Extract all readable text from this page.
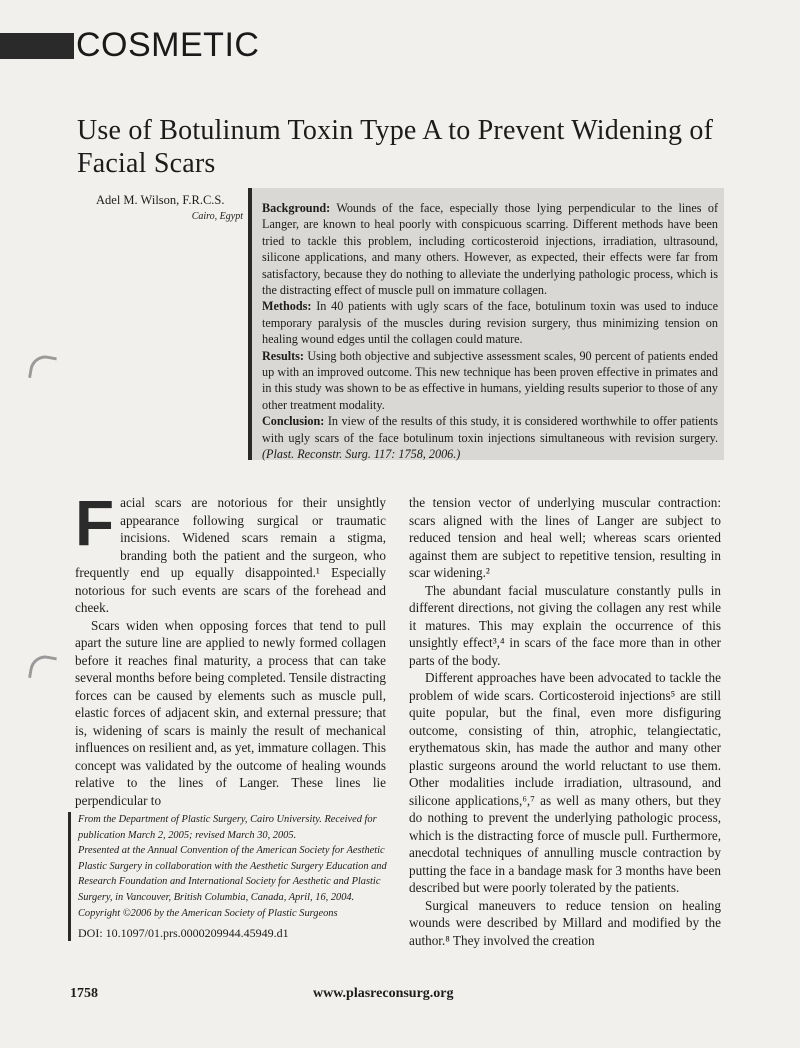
COSMETIC
Use of Botulinum Toxin Type A to Prevent Widening of Facial Scars
Adel M. Wilson, F.R.C.S.
Cairo, Egypt

Background: Wounds of the face, especially those lying perpendicular to the lines of Langer, are known to heal poorly with conspicuous scarring. Different methods have been tried to tackle this problem, including corticosteroid injections, irradiation, ultrasound, silicone applications, and many others. However, as expected, their effects were far from satisfactory, because they do nothing to alleviate the underlying pathologic process, which is the distracting effect of muscle pull on immature collagen.

Methods: In 40 patients with ugly scars of the face, botulinum toxin was used to induce temporary paralysis of the muscles during revision surgery, thus minimizing tension on healing wound edges until the collagen could mature.

Results: Using both objective and subjective assessment scales, 90 percent of patients ended up with an improved outcome. This new technique has been proven effective in primates and in this study was shown to be as effective in humans, yielding results superior to those of any other treatment modality.

Conclusion: In view of the results of this study, it is considered worthwhile to offer patients with ugly scars of the face botulinum toxin injections simultaneous with revision surgery. (Plast. Reconstr. Surg. 117: 1758, 2006.)

Facial scars are notorious for their unsightly appearance following surgical or traumatic incisions. Widened scars remain a stigma, branding both the patient and the surgeon, who frequently end up equally disappointed.¹ Especially notorious for such events are scars of the forehead and cheek.

Scars widen when opposing forces that tend to pull apart the suture line are applied to newly formed collagen before it reaches final maturity, a process that can take several months before being completed. Tensile distracting forces can be caused by elements such as muscle pull, elastic forces of adjacent skin, and external pressure; that is, widening of scars is mainly the result of mechanical influences on resilient and, as yet, immature collagen. This concept was validated by the outcome of healing wounds relative to the lines of Langer. These lines lie perpendicular to

the tension vector of underlying muscular contraction: scars aligned with the lines of Langer are subject to reduced tension and heal well; whereas scars oriented against them are subject to repetitive tension, resulting in scar widening.²

The abundant facial musculature constantly pulls in different directions, not giving the collagen any rest while it matures. This may explain the occurrence of this unsightly effect³,⁴ in scars of the face more than in other parts of the body.

Different approaches have been advocated to tackle the problem of wide scars. Corticosteroid injections⁵ are still quite popular, but the final, even more disfiguring outcome, consisting of thin, atrophic, telangiectatic, erythematous skin, has made the author and many other plastic surgeons around the world reluctant to use them. Other modalities include irradiation, ultrasound, and silicone applications,⁶,⁷ as well as many others, but they do nothing to prevent the underlying pathologic process, which is the distracting force of muscle pull. Furthermore, anecdotal techniques of annulling muscle contraction by putting the face in a bandage mask for 3 months have been described but were poorly tolerated by the patients.

Surgical maneuvers to reduce tension on healing wounds were described by Millard and modified by the author.⁸ They involved the creation

From the Department of Plastic Surgery, Cairo University. Received for publication March 2, 2005; revised March 30, 2005.

Presented at the Annual Convention of the American Society for Aesthetic Plastic Surgery in collaboration with the Aesthetic Surgery Education and Research Foundation and International Society for Aesthetic and Plastic Surgery, in Vancouver, British Columbia, Canada, April, 16, 2004.

Copyright ©2006 by the American Society of Plastic Surgeons

DOI: 10.1097/01.prs.0000209944.45949.d1

1758	www.plasreconsurg.org
